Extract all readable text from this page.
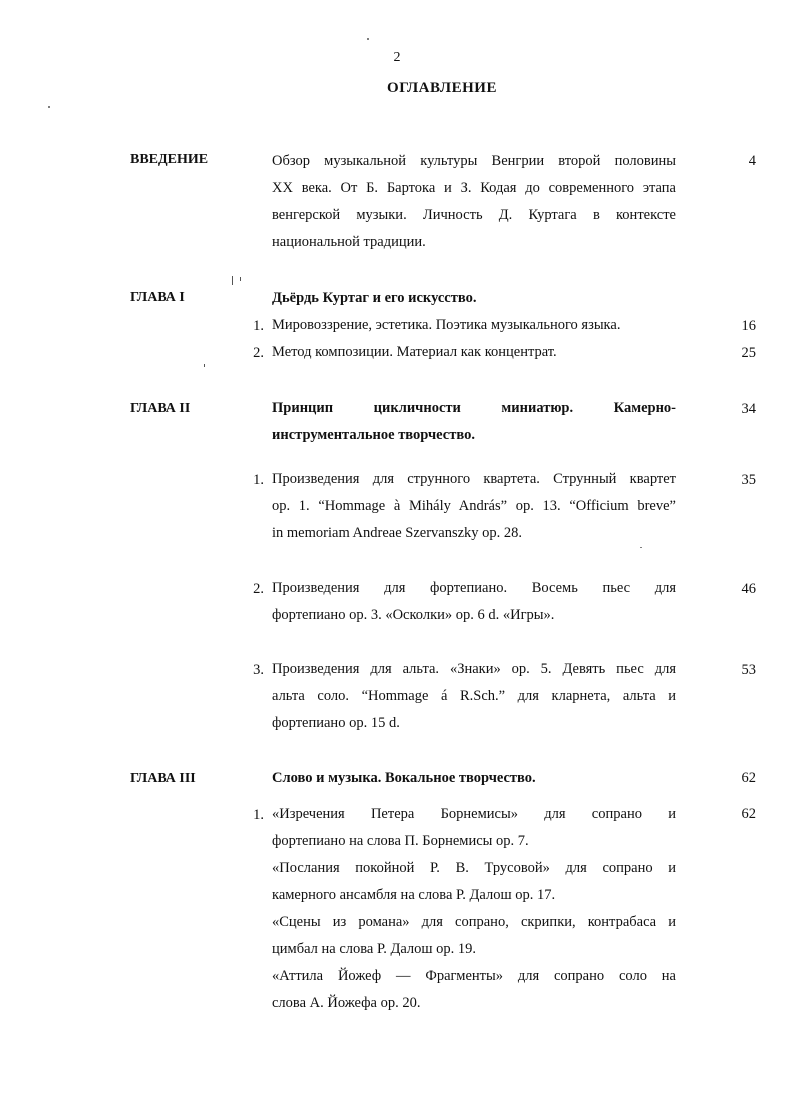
2
ОГЛАВЛЕНИЕ
ВВЕДЕНИЕ	Обзор музыкальной культуры Венгрии второй половины
XX века. От Б. Бартока и З. Кодая до современного этапа
венгерской музыки. Личность Д. Куртага в контексте
национальной традиции.
4
ГЛАВА I	Дьёрдь Куртаг и его искусство.
1. Мировоззрение, эстетика. Поэтика музыкального языка.	16
2. Метод композиции. Материал как концентрат.	25
ГЛАВА II	Принцип цикличности миниатюр. Камерно-
инструментальное творчество.
34
1. Произведения для струнного квартета. Струнный квартет
op. 1. “Hommage à Mihály András” op. 13. “Officium breve”
in memoriam Andreae Szervanszky op. 28.
35
2. Произведения для фортепиано. Восемь пьес для
фортепиано op. 3. «Осколки» op. 6 d. «Игры».
46
3. Произведения для альта. «Знаки» op. 5. Девять пьес для
альта соло. “Hommage á R.Sch.” для кларнета, альта и
фортепиано op. 15 d.
53
ГЛАВА III	Слово и музыка. Вокальное творчество.	62
1. «Изречения Петера Борнемисы» для сопрано и
фортепиано на слова П. Борнемисы op. 7.
«Послания покойной Р. В. Трусовой» для сопрано и
камерного ансамбля на слова Р. Далош op. 17.
«Сцены из романа» для сопрано, скрипки, контрабаса и
цимбал на слова Р. Далош op. 19.
«Аттила Йожеф — Фрагменты» для сопрано соло на
слова А. Йожефа op. 20.
62
